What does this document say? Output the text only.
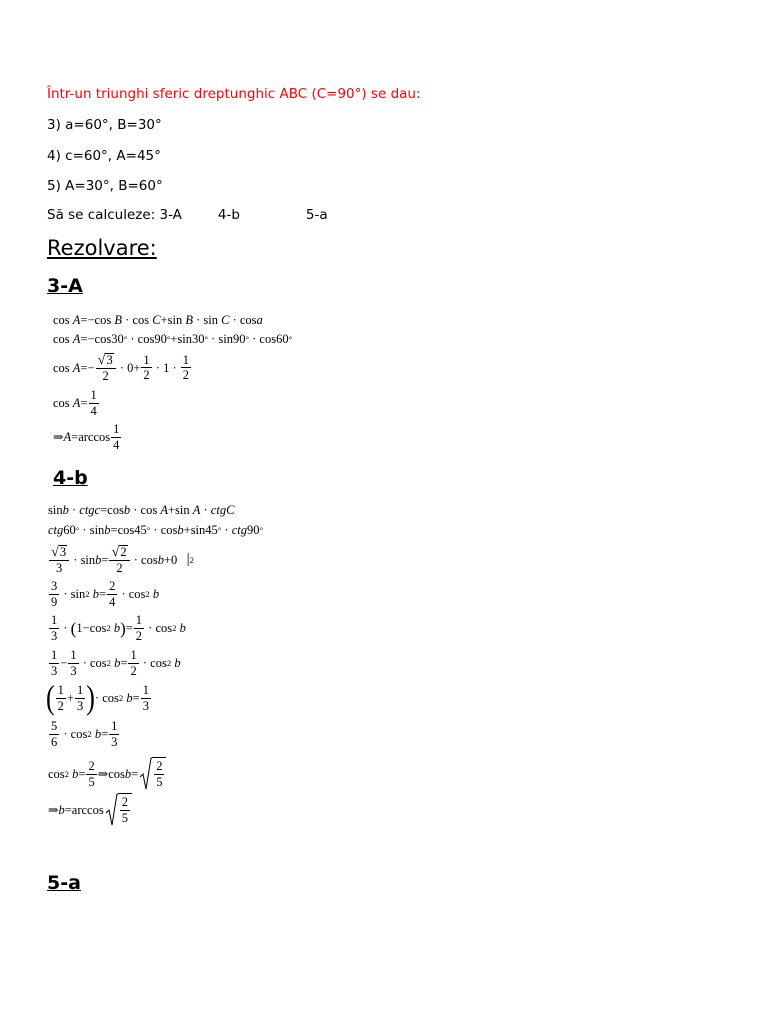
Într-un triunghi sferic dreptunghic ABC (C=90°) se dau:
3) a=60°, B=30°
4) c=60°, A=45°
5) A=30°, B=60°
Să se calculeze: 3-A	4-b	5-a
Rezolvare:
3-A
cos
A =− cos
B
·
cos
C + sin
B
·
sin
C
·
cos a
cos
A =− cos 30 °
·
cos 90 ° + sin 30 °
·
sin 90 °
·
cos 60 °
cos
$A =- \frac{√ 3}{2}$
·
$0 + \frac{1}{2}$
·
1
·
$\frac{1}{2}$
cos
$A = \frac{1}{4}$
⇒ $A = \arccos \frac{1}{4}$
4-b
sin b
·
ctg c = cos b
·
cos
A + sin
A
·
ctg C
ctg 60 °
·
sin b = cos 45 °
·
cos b + sin 45 °
·
ctg 90 °
$\frac{√ 3}{3}$
·
$\sin b = \frac{√ 2}{2}$
·
cos b +0
| 2
$\frac{3}{9}$
·
sin 2
$b = \frac{2}{4}$
·
cos 2
b
$\frac{1}{3}$
·
( 1−cos 2
b ) = $\frac{1}{2}$
·
cos 2
b
$\frac{1}{3} - \frac{1}{3}$
·
cos 2
$b = \frac{1}{2}$
·
cos 2
b
( $\frac{1}{2} + \frac{1}{3}$ ) ·
cos 2
$b = \frac{1}{3}$
$\frac{5}{6}$
·
cos 2
$b = \frac{1}{3}$
cos 2
$b = \frac{2}{5}$ ⇒ $\cos b = \frac{2}{5}$
⇒ $b = \arccos \frac{2}{5}$
5-a
